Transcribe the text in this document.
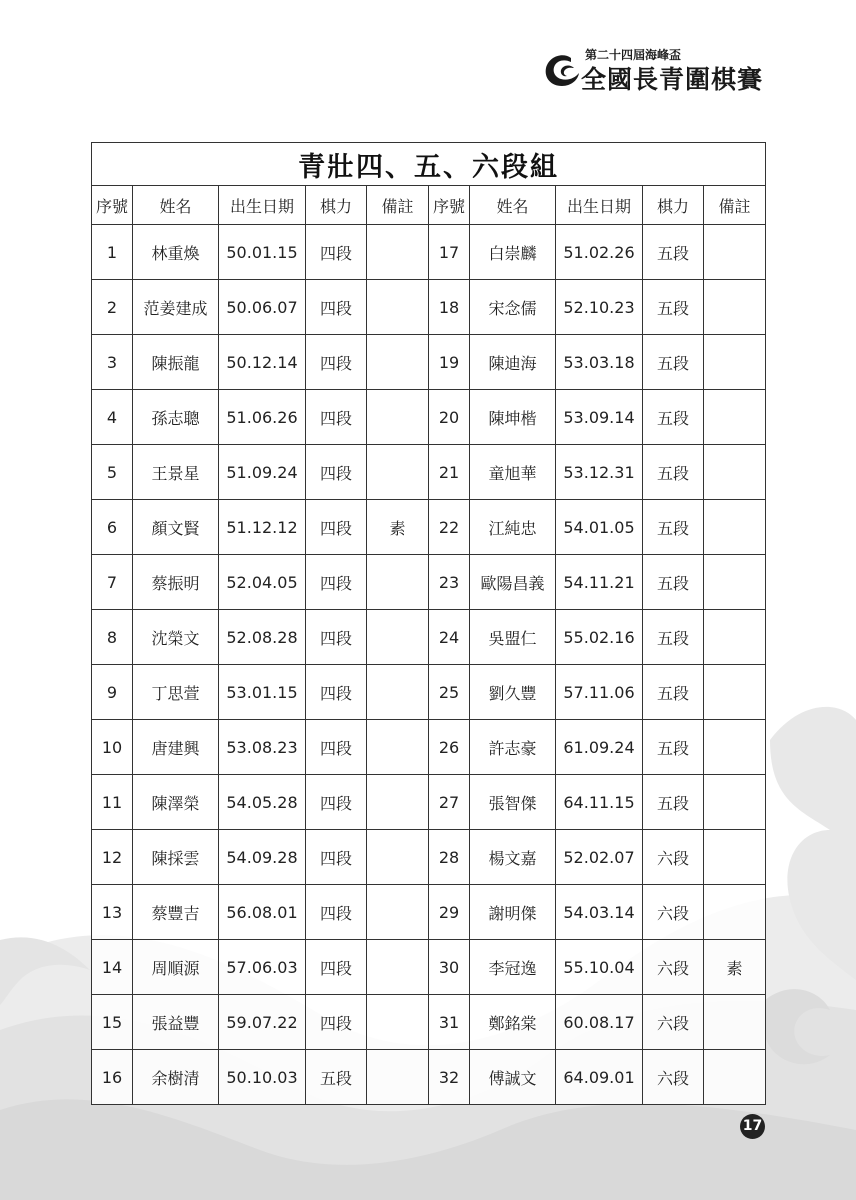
第二十四屆海峰盃
全國長青圍棋賽
青壯四、五、六段組									
序號	姓名	出生日期	棋力	備註	序號	姓名	出生日期	棋力	備註
1	林重煥	50.01.15	四段		17	白崇麟	51.02.26	五段	
2	范姜建成	50.06.07	四段		18	宋念儒	52.10.23	五段	
3	陳振龍	50.12.14	四段		19	陳迪海	53.03.18	五段	
4	孫志聰	51.06.26	四段		20	陳坤楷	53.09.14	五段	
5	王景星	51.09.24	四段		21	童旭華	53.12.31	五段	
6	顏文賢	51.12.12	四段	素	22	江純忠	54.01.05	五段	
7	蔡振明	52.04.05	四段		23	歐陽昌義	54.11.21	五段	
8	沈榮文	52.08.28	四段		24	吳盟仁	55.02.16	五段	
9	丁思萱	53.01.15	四段		25	劉久豐	57.11.06	五段	
10	唐建興	53.08.23	四段		26	許志豪	61.09.24	五段	
11	陳澤榮	54.05.28	四段		27	張智傑	64.11.15	五段	
12	陳採雲	54.09.28	四段		28	楊文嘉	52.02.07	六段	
13	蔡豐吉	56.08.01	四段		29	謝明傑	54.03.14	六段	
14	周順源	57.06.03	四段		30	李冠逸	55.10.04	六段	素
15	張益豐	59.07.22	四段		31	鄭銘棠	60.08.17	六段	
16	余樹清	50.10.03	五段		32	傅誠文	64.09.01	六段	
17
